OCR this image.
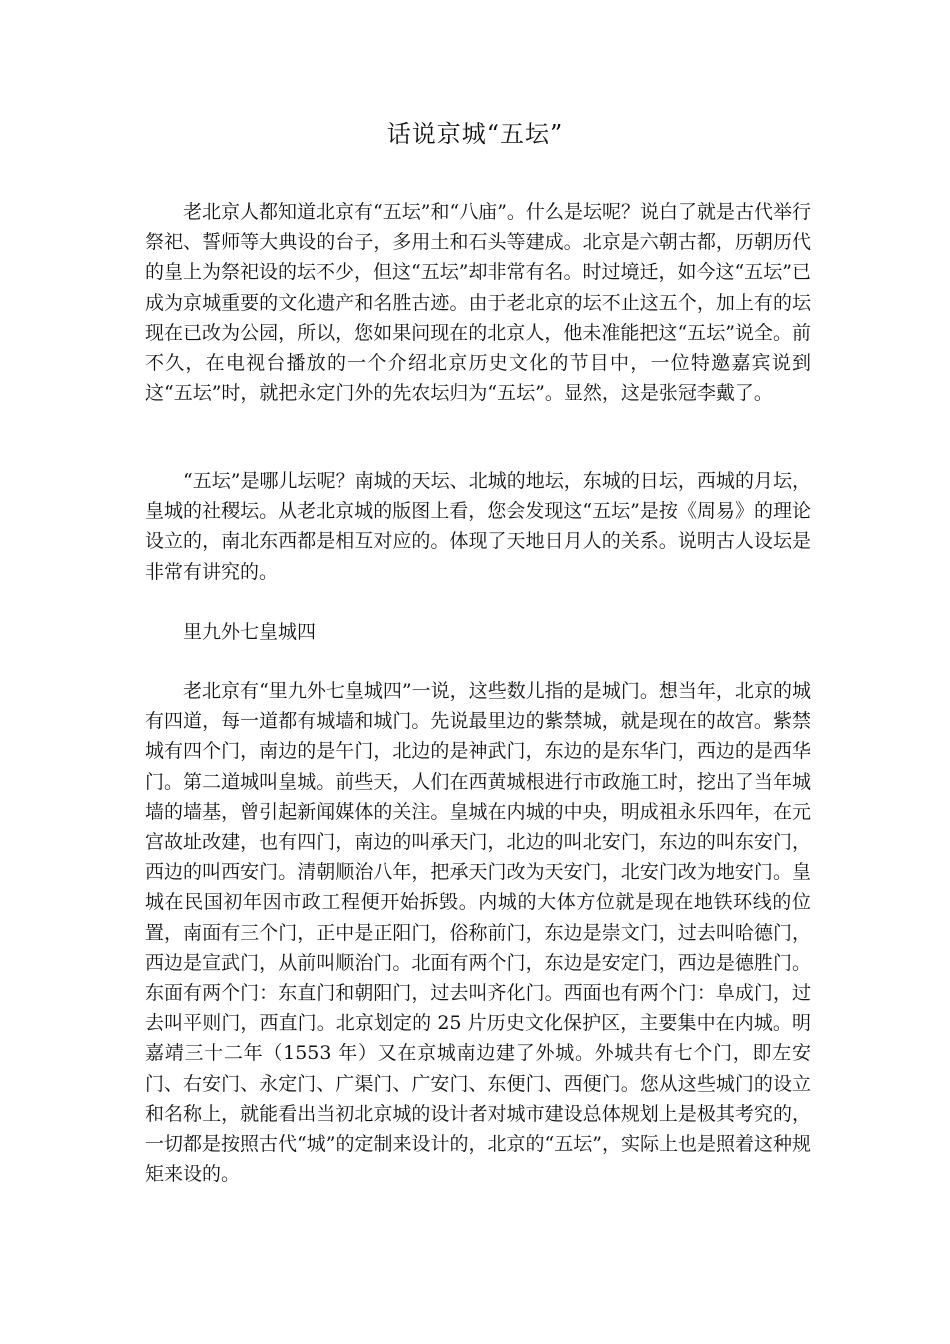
话说京城“五坛”

老北京人都知道北京有“五坛”和“八庙”。什么是坛呢？说白了就是古代举行祭祀、誓师等大典设的台子，多用土和石头等建成。北京是六朝古都，历朝历代的皇上为祭祀设的坛不少，但这“五坛”却非常有名。时过境迁，如今这“五坛”已成为京城重要的文化遗产和名胜古迹。由于老北京的坛不止这五个，加上有的坛现在已改为公园，所以，您如果问现在的北京人，他未准能把这“五坛”说全。前不久，在电视台播放的一个介绍北京历史文化的节目中，一位特邀嘉宾说到这“五坛”时，就把永定门外的先农坛归为“五坛”。显然，这是张冠李戴了。

“五坛”是哪儿坛呢？南城的天坛、北城的地坛，东城的日坛，西城的月坛，皇城的社稷坛。从老北京城的版图上看，您会发现这“五坛”是按《周易》的理论设立的，南北东西都是相互对应的。体现了天地日月人的关系。说明古人设坛是非常有讲究的。

里九外七皇城四

老北京有“里九外七皇城四”一说，这些数儿指的是城门。想当年，北京的城有四道，每一道都有城墙和城门。先说最里边的紫禁城，就是现在的故宫。紫禁城有四个门，南边的是午门，北边的是神武门，东边的是东华门，西边的是西华门。第二道城叫皇城。前些天，人们在西黄城根进行市政施工时，挖出了当年城墙的墙基，曾引起新闻媒体的关注。皇城在内城的中央，明成祖永乐四年，在元宫故址改建，也有四门，南边的叫承天门，北边的叫北安门，东边的叫东安门，西边的叫西安门。清朝顺治八年，把承天门改为天安门，北安门改为地安门。皇城在民国初年因市政工程便开始拆毁。内城的大体方位就是现在地铁环线的位置，南面有三个门，正中是正阳门，俗称前门，东边是崇文门，过去叫哈德门，西边是宣武门，从前叫顺治门。北面有两个门，东边是安定门，西边是德胜门。东面有两个门：东直门和朝阳门，过去叫齐化门。西面也有两个门：阜成门，过去叫平则门，西直门。北京划定的 25 片历史文化保护区，主要集中在内城。明嘉靖三十二年（1553 年）又在京城南边建了外城。外城共有七个门，即左安门、右安门、永定门、广渠门、广安门、东便门、西便门。您从这些城门的设立和名称上，就能看出当初北京城的设计者对城市建设总体规划上是极其考究的，一切都是按照古代“城”的定制来设计的，北京的“五坛”，实际上也是照着这种规矩来设的。
